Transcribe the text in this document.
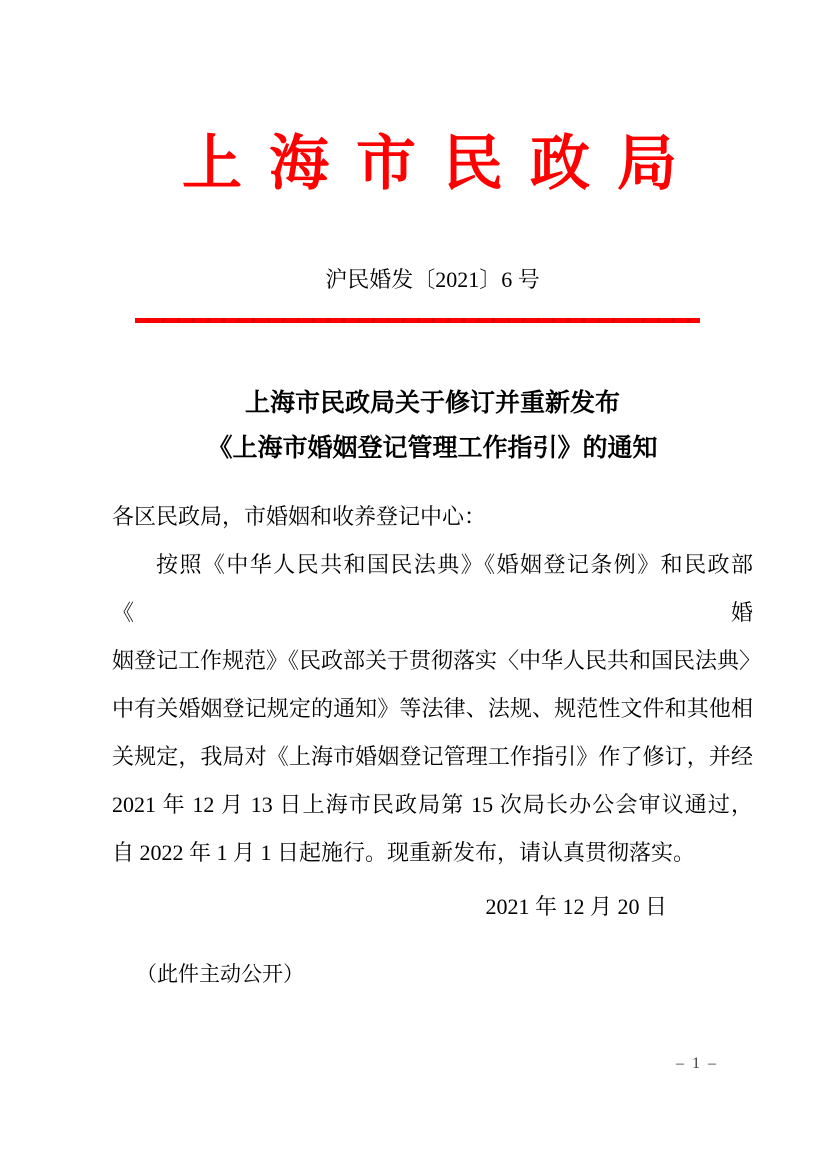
上 海 市 民 政 局
沪民婚发〔2021〕6 号
上海市民政局关于修订并重新发布
《上海市婚姻登记管理工作指引》的通知
各区民政局，市婚姻和收养登记中心：
按照《中华人民共和国民法典》《婚姻登记条例》和民政部《婚
姻登记工作规范》《民政部关于贯彻落实〈中华人民共和国民法典〉
中有关婚姻登记规定的通知》等法律、法规、规范性文件和其他相
关规定，我局对《上海市婚姻登记管理工作指引》作了修订，并经
2021 年 12 月 13 日上海市民政局第 15 次局长办公会审议通过，
自 2022 年 1 月 1 日起施行。现重新发布，请认真贯彻落实。
2021 年 12 月 20 日
（此件主动公开）
– 1 –
